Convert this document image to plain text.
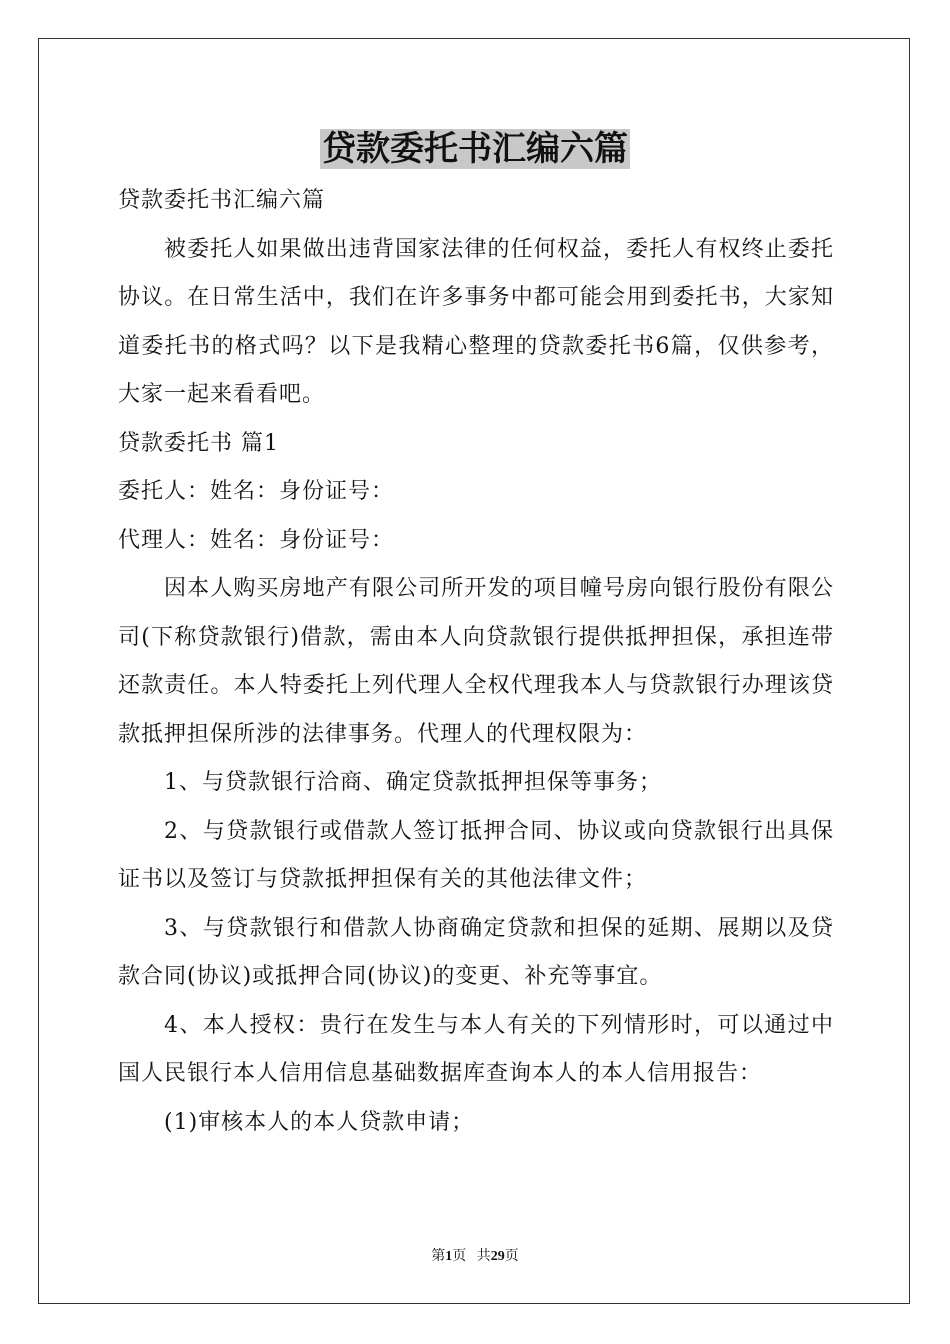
贷款委托书汇编六篇

贷款委托书汇编六篇

被委托人如果做出违背国家法律的任何权益，委托人有权终止委托协议。在日常生活中，我们在许多事务中都可能会用到委托书，大家知道委托书的格式吗？以下是我精心整理的贷款委托书6篇，仅供参考，大家一起来看看吧。

贷款委托书 篇1

委托人：姓名：身份证号：

代理人：姓名：身份证号：

因本人购买房地产有限公司所开发的项目幢号房向银行股份有限公司(下称贷款银行)借款，需由本人向贷款银行提供抵押担保，承担连带还款责任。本人特委托上列代理人全权代理我本人与贷款银行办理该贷款抵押担保所涉的法律事务。代理人的代理权限为：

1、与贷款银行洽商、确定贷款抵押担保等事务；

2、与贷款银行或借款人签订抵押合同、协议或向贷款银行出具保证书以及签订与贷款抵押担保有关的其他法律文件；

3、与贷款银行和借款人协商确定贷款和担保的延期、展期以及贷款合同(协议)或抵押合同(协议)的变更、补充等事宜。

4、本人授权：贵行在发生与本人有关的下列情形时，可以通过中国人民银行本人信用信息基础数据库查询本人的本人信用报告：

(1)审核本人的本人贷款申请；

第1页 共29页
